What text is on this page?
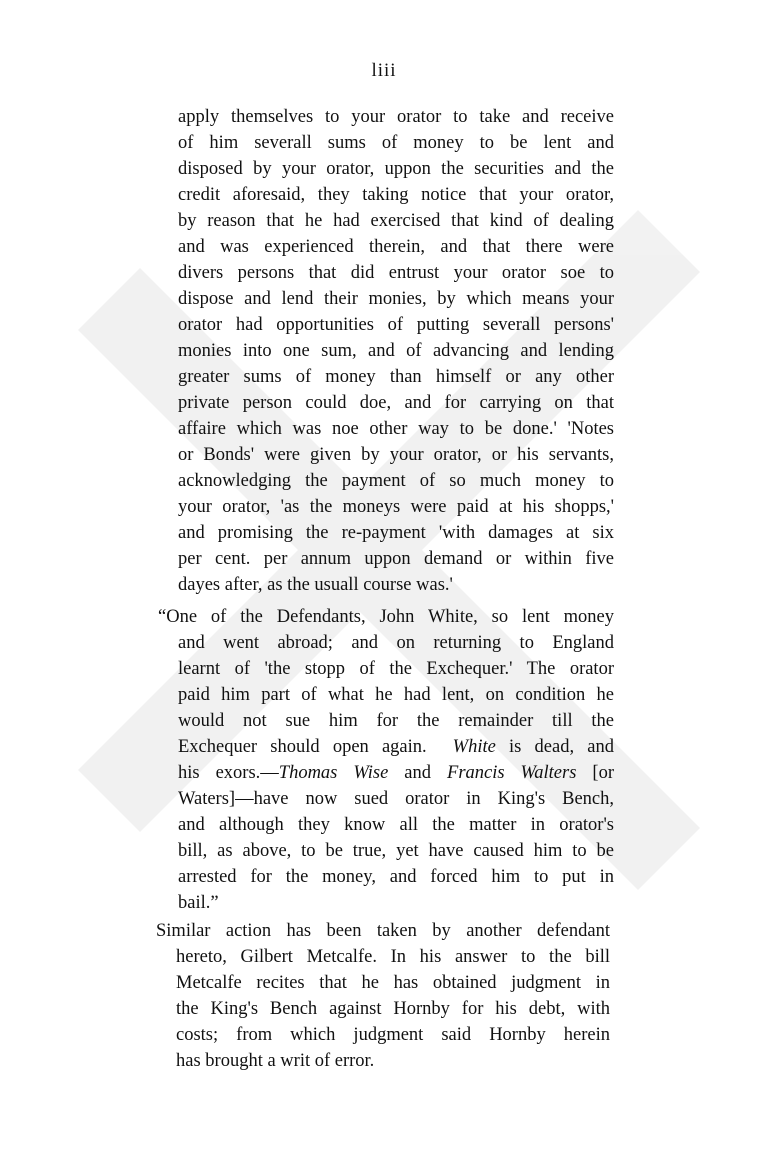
liii
apply themselves to your orator to take and receive
of him severall sums of money to be lent and
disposed by your orator, uppon the securities and the
credit aforesaid, they taking notice that your orator,
by reason that he had exercised that kind of dealing
and was experienced therein, and that there were
divers persons that did entrust your orator soe to
dispose and lend their monies, by which means your
orator had opportunities of putting severall persons'
monies into one sum, and of advancing and lending
greater sums of money than himself or any other
private person could doe, and for carrying on that
affaire which was noe other way to be done.' 'Notes
or Bonds' were given by your orator, or his servants,
acknowledging the payment of so much money to
your orator, 'as the moneys were paid at his shopps,'
and promising the re-payment 'with damages at six
per cent. per annum uppon demand or within five
dayes after, as the usuall course was.'
“One of the Defendants, John White, so lent money
and went abroad; and on returning to England
learnt of 'the stopp of the Exchequer.' The orator
paid him part of what he had lent, on condition he
would not sue him for the remainder till the
Exchequer should open again. White is dead, and
his exors.—Thomas Wise and Francis Walters [or
Waters]—have now sued orator in King's Bench,
and although they know all the matter in orator's
bill, as above, to be true, yet have caused him to be
arrested for the money, and forced him to put in
bail.”
Similar action has been taken by another defendant
hereto, Gilbert Metcalfe. In his answer to the bill
Metcalfe recites that he has obtained judgment in
the King's Bench against Hornby for his debt, with
costs; from which judgment said Hornby herein
has brought a writ of error.
